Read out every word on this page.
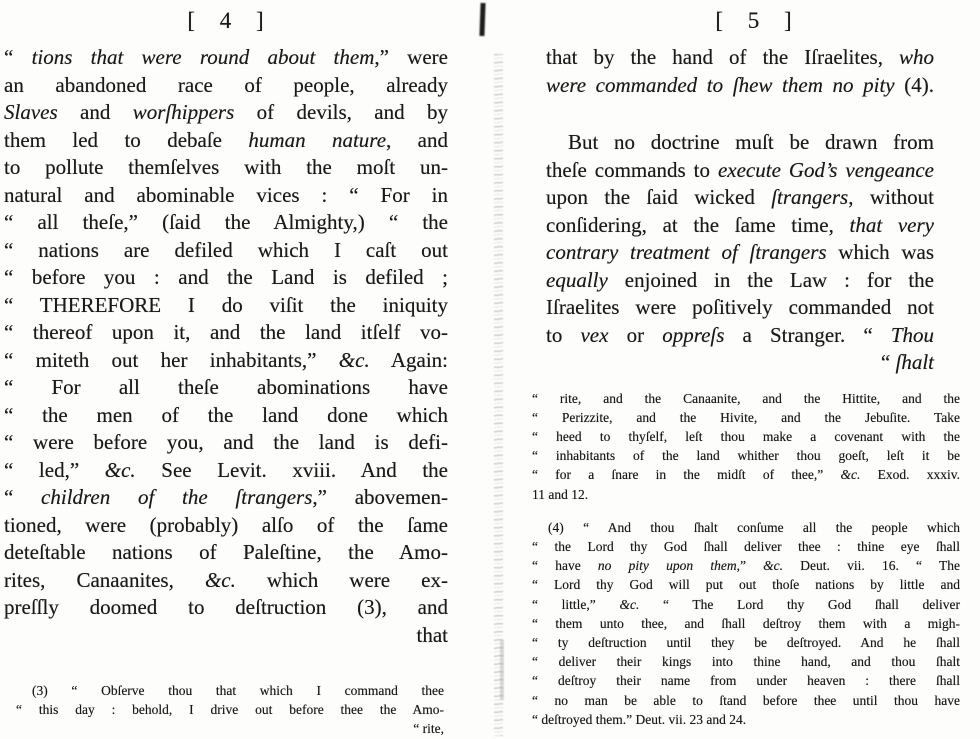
[ 4 ]
“ tions that were round about them,” were
an abandoned race of people, already
Slaves and worſhippers of devils, and by
them led to debaſe human nature, and
to pollute themſelves with the moſt un-
natural and abominable vices : “ For in
“ all theſe,” (ſaid the Almighty,) “ the
“ nations are defiled which I caſt out
“ before you : and the Land is defiled ;
“ THEREFORE I do viſit the iniquity
“ thereof upon it, and the land itſelf vo-
“ miteth out her inhabitants,” &c. Again:
“ For all theſe abominations have
“ the men of the land done which
“ were before you, and the land is defi-
“ led,” &c. See Levit. xviii. And the
“ children of the ſtrangers,” abovemen-
tioned, were (probably) alſo of the ſame
deteſtable nations of Paleſtine, the Amo-
rites, Canaanites, &c. which were ex-
preſſly doomed to deſtruction (3), and
that
(3) “ Obſerve thou that which I command thee
“ this day : behold, I drive out before thee the Amo-
“ rite,
[ 5 ]
that by the hand of the Iſraelites, who
were commanded to ſhew them no pity (4).
But no doctrine muſt be drawn from
theſe commands to execute God’s vengeance
upon the ſaid wicked ſtrangers, without
conſidering, at the ſame time, that very
contrary treatment of ſtrangers which was
equally enjoined in the Law : for the
Iſraelites were poſitively commanded not
to vex or oppreſs a Stranger. “ Thou
“ ſhalt
“ rite, and the Canaanite, and the Hittite, and the
“ Perizzite, and the Hivite, and the Jebuſite. Take
“ heed to thyſelf, leſt thou make a covenant with the
“ inhabitants of the land whither thou goeſt, leſt it be
“ for a ſnare in the midſt of thee,” &c. Exod. xxxiv.
11 and 12.
(4) “ And thou ſhalt conſume all the people which
“ the Lord thy God ſhall deliver thee : thine eye ſhall
“ have no pity upon them,” &c. Deut. vii. 16. “ The
“ Lord thy God will put out thoſe nations by little and
“ little,” &c. “ The Lord thy God ſhall deliver
“ them unto thee, and ſhall deſtroy them with a migh-
“ ty deſtruction until they be deſtroyed. And he ſhall
“ deliver their kings into thine hand, and thou ſhalt
“ deſtroy their name from under heaven : there ſhall
“ no man be able to ſtand before thee until thou have
“ deſtroyed them.” Deut. vii. 23 and 24.
